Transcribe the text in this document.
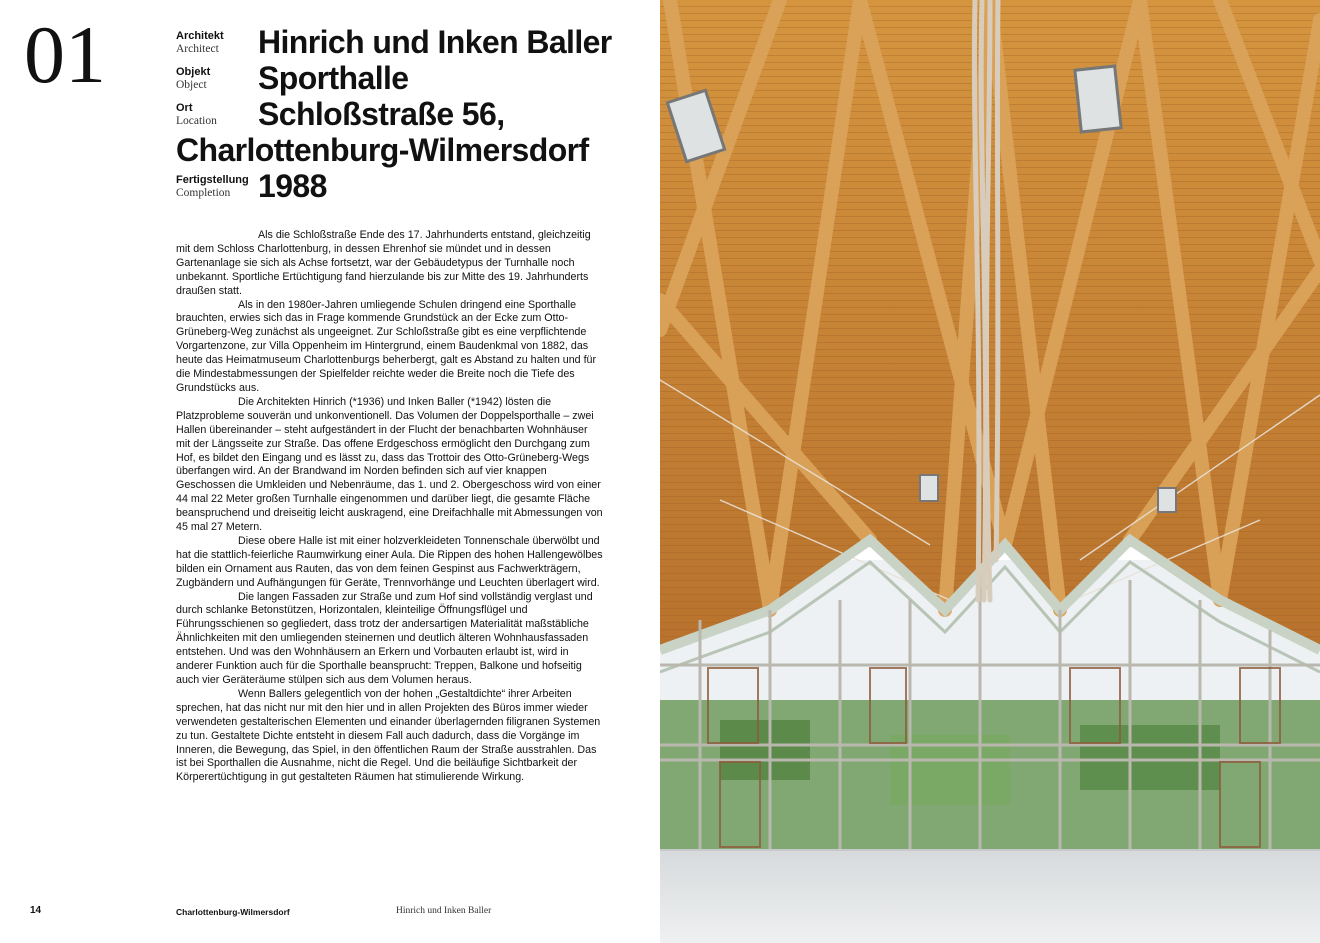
01	Architekt
Architect	Hinrich und Inken Baller
Objekt
Object	Sporthalle
Ort
Location	Schloßstraße 56,
Charlottenburg-Wilmersdorf
Fertigstellung
Completion 1988

Als die Schloßstraße Ende des 17. Jahrhunderts entstand, gleichzeitig mit dem Schloss Charlottenburg, in dessen Ehrenhof sie mündet und in dessen Gartenanlage sie sich als Achse fortsetzt, war der Gebäudetypus der Turnhalle noch unbekannt. Sportliche Ertüchtigung fand hierzulande bis zur Mitte des 19. Jahrhunderts draußen statt.

Als in den 1980er-Jahren umliegende Schulen dringend eine Sporthalle brauchten, erwies sich das in Frage kommende Grundstück an der Ecke zum Otto-Grüneberg-Weg zunächst als ungeeignet. Zur Schloßstraße gibt es eine verpflichtende Vorgartenzone, zur Villa Oppenheim im Hintergrund, einem Baudenkmal von 1882, das heute das Heimatmuseum Charlottenburgs beherbergt, galt es Abstand zu halten und für die Mindestabmessungen der Spielfelder reichte weder die Breite noch die Tiefe des Grundstücks aus.

Die Architekten Hinrich (*1936) und Inken Baller (*1942) lösten die Platzprobleme souverän und unkonventionell. Das Volumen der Doppelsporthalle – zwei Hallen übereinander – steht aufgeständert in der Flucht der benachbarten Wohnhäuser mit der Längsseite zur Straße. Das offene Erdgeschoss ermöglicht den Durchgang zum Hof, es bildet den Eingang und es lässt zu, dass das Trottoir des Otto-Grüneberg-Wegs überfangen wird. An der Brandwand im Norden befinden sich auf vier knappen Geschossen die Umkleiden und Nebenräume, das 1. und 2. Obergeschoss wird von einer 44 mal 22 Meter großen Turnhalle eingenommen und darüber liegt, die gesamte Fläche beanspruchend und dreiseitig leicht auskragend, eine Dreifachhalle mit Abmessungen von 45 mal 27 Metern.

Diese obere Halle ist mit einer holzverkleideten Tonnenschale überwölbt und hat die stattlich-feierliche Raumwirkung einer Aula. Die Rippen des hohen Hallengewölbes bilden ein Ornament aus Rauten, das von dem feinen Gespinst aus Fachwerkträgern, Zugbändern und Aufhängungen für Geräte, Trennvorhänge und Leuchten überlagert wird.

Die langen Fassaden zur Straße und zum Hof sind vollständig verglast und durch schlanke Betonstützen, Horizontalen, kleinteilige Öffnungsflügel und Führungsschienen so gegliedert, dass trotz der andersartigen Materialität maßstäbliche Ähnlichkeiten mit den umliegenden steinernen und deutlich älteren Wohnhausfassaden entstehen. Und was den Wohnhäusern an Erkern und Vorbauten erlaubt ist, wird in anderer Funktion auch für die Sporthalle beansprucht: Treppen, Balkone und hofseitig auch vier Geräteräume stülpen sich aus dem Volumen heraus.

Wenn Ballers gelegentlich von der hohen „Gestaltdichte“ ihrer Arbeiten sprechen, hat das nicht nur mit den hier und in allen Projekten des Büros immer wieder verwendeten gestalterischen Elementen und einander überlagernden filigranen Systemen zu tun. Gestaltete Dichte entsteht in diesem Fall auch dadurch, dass die Vorgänge im Inneren, die Bewegung, das Spiel, in den öffentlichen Raum der Straße ausstrahlen. Das ist bei Sporthallen die Ausnahme, nicht die Regel. Und die beiläufige Sichtbarkeit der Körperertüchtigung in gut gestalteten Räumen hat stimulierende Wirkung.

14	Charlottenburg-Wilmersdorf	Hinrich und Inken Baller
